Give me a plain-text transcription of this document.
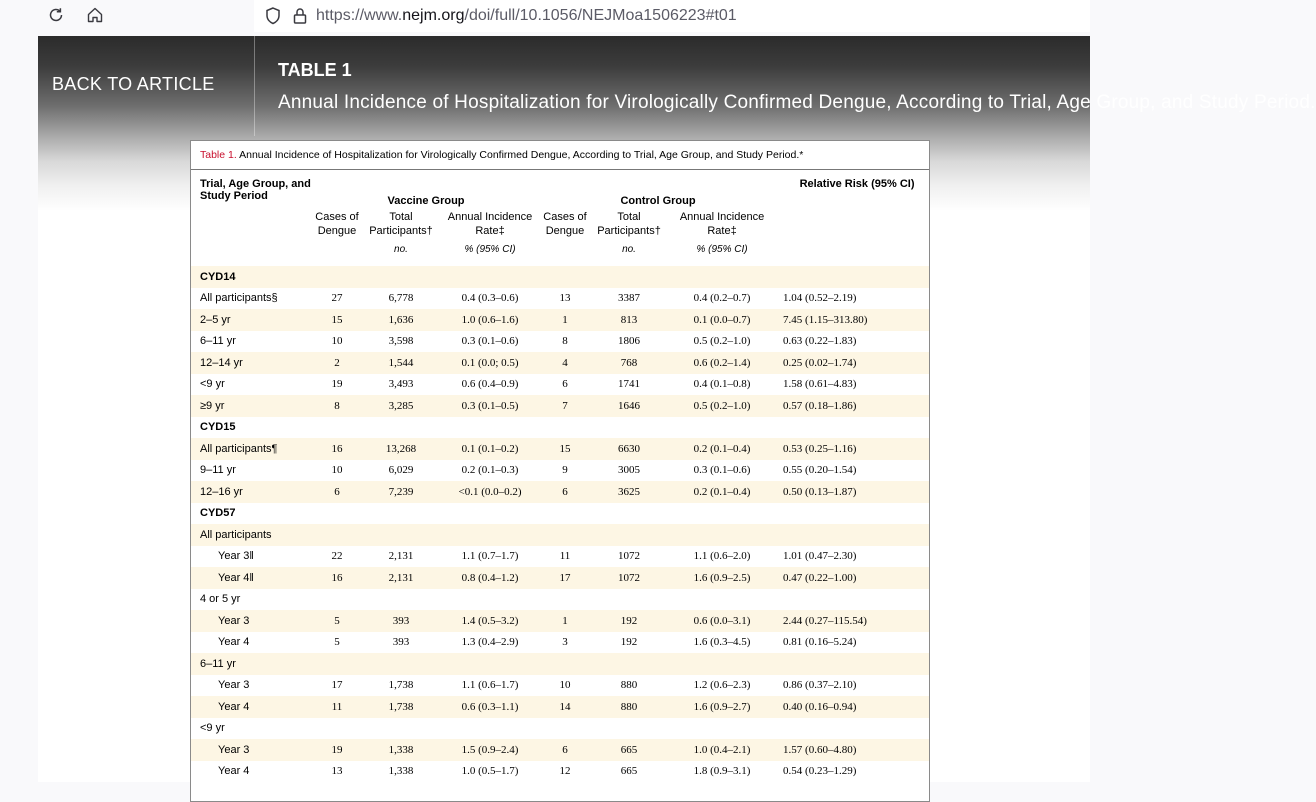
https://www.nejm.org/doi/full/10.1056/NEJMoa1506223#t01
BACK TO ARTICLE
TABLE 1
Annual Incidence of Hospitalization for Virologically Confirmed Dengue, According to Trial, Age Group, and Study Period.
Table 1. Annual Incidence of Hospitalization for Virologically Confirmed Dengue, According to Trial, Age Group, and Study Period.*
Trial, Age Group, and Study Period	Vaccine Group			Control Group			Relative Risk (95% CI)
	Cases of Dengue	Total Participants†	Annual Incidence Rate‡	Cases of Dengue	Total Participants†	Annual Incidence Rate‡	
		no.	% (95% CI)		no.	% (95% CI)	
CYD14							
All participants§	27	6,778	0.4 (0.3–0.6)	13	3387	0.4 (0.2–0.7)	1.04 (0.52–2.19)
2–5 yr	15	1,636	1.0 (0.6–1.6)	1	813	0.1 (0.0–0.7)	7.45 (1.15–313.80)
6–11 yr	10	3,598	0.3 (0.1–0.6)	8	1806	0.5 (0.2–1.0)	0.63 (0.22–1.83)
12–14 yr	2	1,544	0.1 (0.0; 0.5)	4	768	0.6 (0.2–1.4)	0.25 (0.02–1.74)
<9 yr	19	3,493	0.6 (0.4–0.9)	6	1741	0.4 (0.1–0.8)	1.58 (0.61–4.83)
≥9 yr	8	3,285	0.3 (0.1–0.5)	7	1646	0.5 (0.2–1.0)	0.57 (0.18–1.86)
CYD15							
All participants¶	16	13,268	0.1 (0.1–0.2)	15	6630	0.2 (0.1–0.4)	0.53 (0.25–1.16)
9–11 yr	10	6,029	0.2 (0.1–0.3)	9	3005	0.3 (0.1–0.6)	0.55 (0.20–1.54)
12–16 yr	6	7,239	<0.1 (0.0–0.2)	6	3625	0.2 (0.1–0.4)	0.50 (0.13–1.87)
CYD57							
All participants							
Year 3‖	22	2,131	1.1 (0.7–1.7)	11	1072	1.1 (0.6–2.0)	1.01 (0.47–2.30)
Year 4‖	16	2,131	0.8 (0.4–1.2)	17	1072	1.6 (0.9–2.5)	0.47 (0.22–1.00)
4 or 5 yr							
Year 3	5	393	1.4 (0.5–3.2)	1	192	0.6 (0.0–3.1)	2.44 (0.27–115.54)
Year 4	5	393	1.3 (0.4–2.9)	3	192	1.6 (0.3–4.5)	0.81 (0.16–5.24)
6–11 yr							
Year 3	17	1,738	1.1 (0.6–1.7)	10	880	1.2 (0.6–2.3)	0.86 (0.37–2.10)
Year 4	11	1,738	0.6 (0.3–1.1)	14	880	1.6 (0.9–2.7)	0.40 (0.16–0.94)
<9 yr							
Year 3	19	1,338	1.5 (0.9–2.4)	6	665	1.0 (0.4–2.1)	1.57 (0.60–4.80)
Year 4	13	1,338	1.0 (0.5–1.7)	12	665	1.8 (0.9–3.1)	0.54 (0.23–1.29)
